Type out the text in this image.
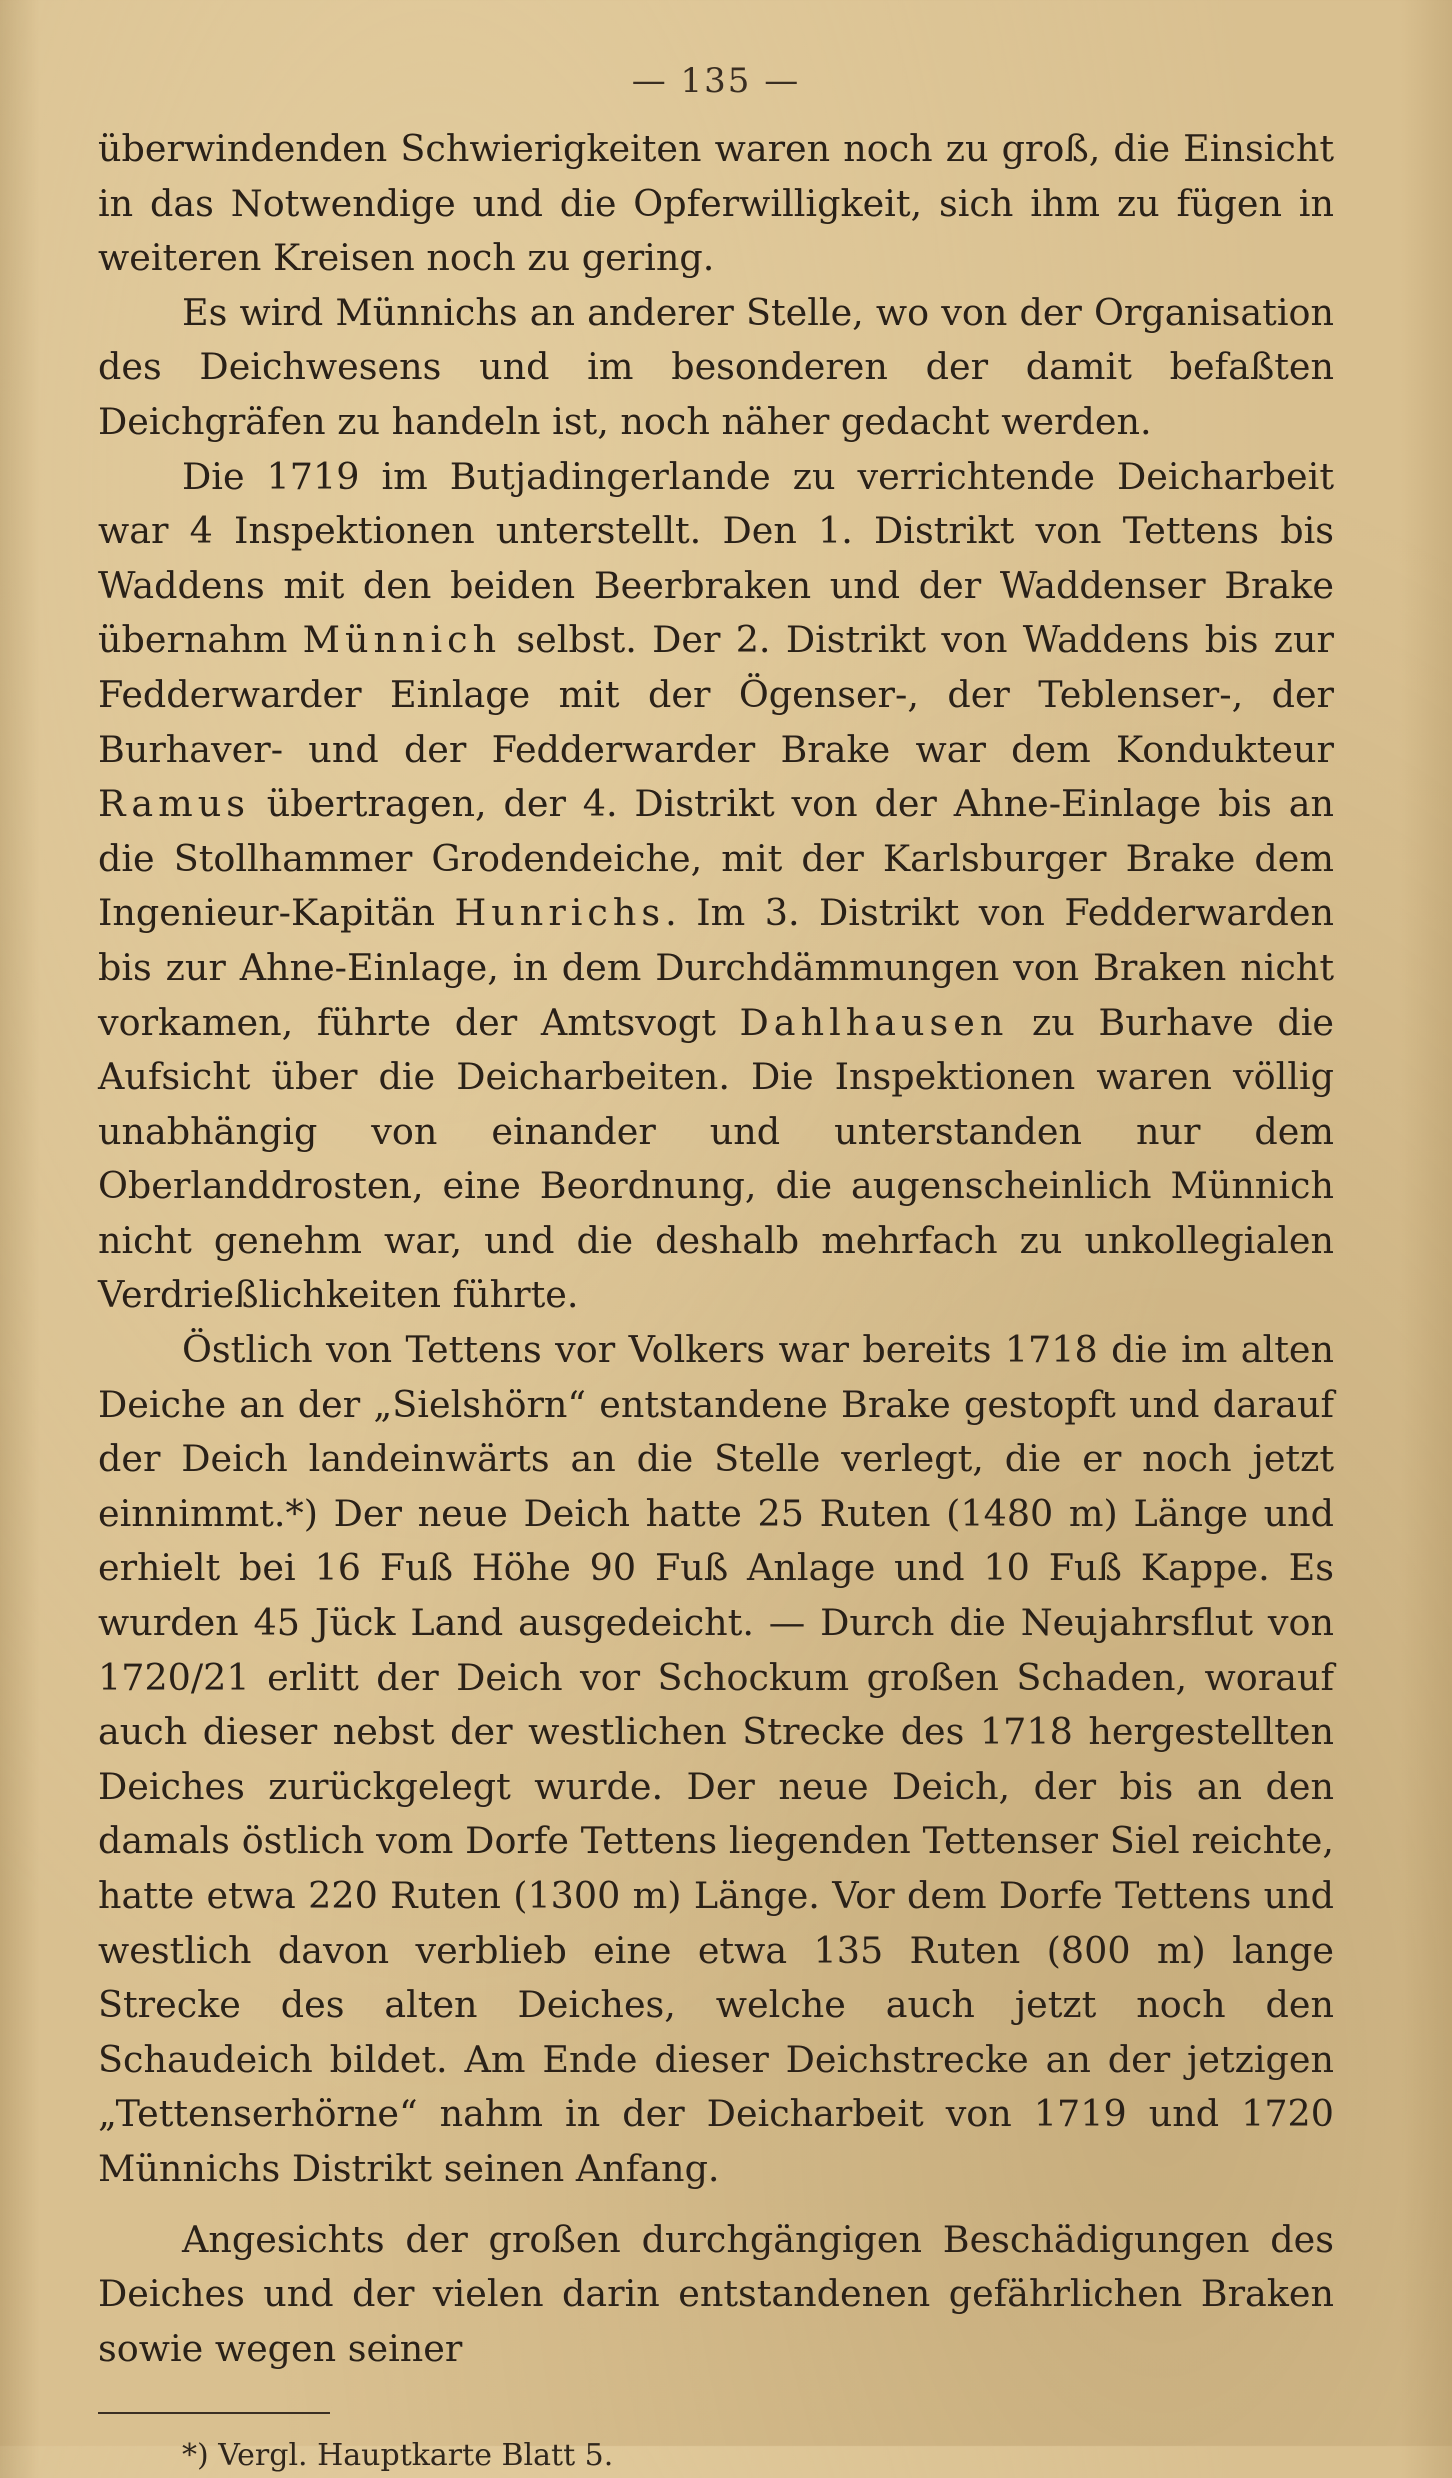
— 135 —

überwindenden Schwierigkeiten waren noch zu groß, die Einsicht in das Notwendige und die Opferwilligkeit, sich ihm zu fügen in weiteren Kreisen noch zu gering.

Es wird Münnichs an anderer Stelle, wo von der Organisation des Deichwesens und im besonderen der damit befaßten Deichgräfen zu handeln ist, noch näher gedacht werden.

Die 1719 im Butjadingerlande zu verrichtende Deicharbeit war 4 Inspektionen unterstellt. Den 1. Distrikt von Tettens bis Waddens mit den beiden Beerbraken und der Waddenser Brake übernahm Münnich selbst. Der 2. Distrikt von Waddens bis zur Fedderwarder Einlage mit der Ögenser-, der Teblenser-, der Burhaver- und der Fedderwarder Brake war dem Kondukteur Ramus übertragen, der 4. Distrikt von der Ahne-Einlage bis an die Stollhammer Grodendeiche, mit der Karlsburger Brake dem Ingenieur-Kapitän Hunrichs. Im 3. Distrikt von Fedderwarden bis zur Ahne-Einlage, in dem Durchdämmungen von Braken nicht vorkamen, führte der Amtsvogt Dahlhausen zu Burhave die Aufsicht über die Deicharbeiten. Die Inspektionen waren völlig unabhängig von einander und unterstanden nur dem Oberlanddrosten, eine Beordnung, die augenscheinlich Münnich nicht genehm war, und die deshalb mehrfach zu unkollegialen Verdrießlichkeiten führte.

Östlich von Tettens vor Volkers war bereits 1718 die im alten Deiche an der „Sielshörn“ entstandene Brake gestopft und darauf der Deich landeinwärts an die Stelle verlegt, die er noch jetzt einnimmt.*) Der neue Deich hatte 25 Ruten (1480 m) Länge und erhielt bei 16 Fuß Höhe 90 Fuß Anlage und 10 Fuß Kappe. Es wurden 45 Jück Land ausgedeicht. — Durch die Neujahrsflut von 1720/21 erlitt der Deich vor Schockum großen Schaden, worauf auch dieser nebst der westlichen Strecke des 1718 hergestellten Deiches zurückgelegt wurde. Der neue Deich, der bis an den damals östlich vom Dorfe Tettens liegenden Tettenser Siel reichte, hatte etwa 220 Ruten (1300 m) Länge. Vor dem Dorfe Tettens und westlich davon verblieb eine etwa 135 Ruten (800 m) lange Strecke des alten Deiches, welche auch jetzt noch den Schaudeich bildet. Am Ende dieser Deichstrecke an der jetzigen „Tettenserhörne“ nahm in der Deicharbeit von 1719 und 1720 Münnichs Distrikt seinen Anfang.

Angesichts der großen durchgängigen Beschädigungen des Deiches und der vielen darin entstandenen gefährlichen Braken sowie wegen seiner

*) Vergl. Hauptkarte Blatt 5.
